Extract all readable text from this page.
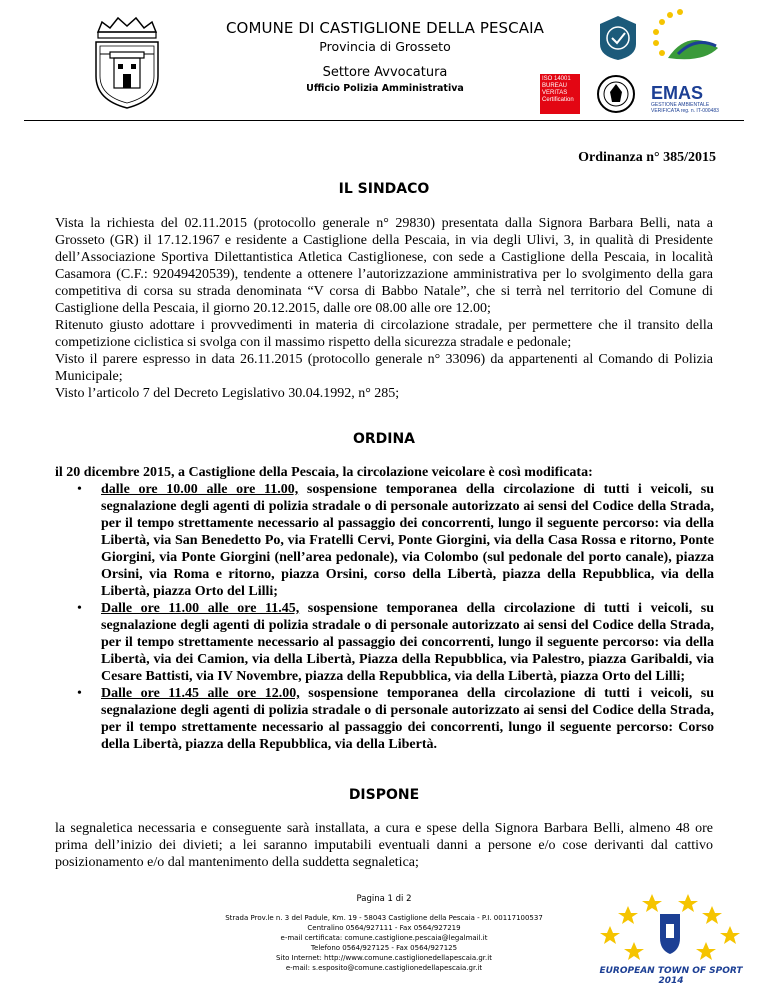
COMUNE DI CASTIGLIONE DELLA PESCAIA
Provincia di Grosseto
Settore Avvocatura
Ufficio Polizia Amministrativa
ISO 14001 BUREAU VERITAS Certification	EMAS
GESTIONE AMBIENTALE VERIFICATA reg. n. IT-000483
Ordinanza n° 385/2015
IL SINDACO

Vista la richiesta del 02.11.2015 (protocollo generale n° 29830) presentata dalla Signora Barbara Belli, nata a Grosseto (GR) il 17.12.1967 e residente a Castiglione della Pescaia, in via degli Ulivi, 3, in qualità di Presidente dell’Associazione Sportiva Dilettantistica Atletica Castiglionese, con sede a Castiglione della Pescaia, in località Casamora (C.F.: 92049420539), tendente a ottenere l’autorizzazione amministrativa per lo svolgimento della gara competitiva di corsa su strada denominata “V corsa di Babbo Natale”, che si terrà nel territorio del Comune di Castiglione della Pescaia, il giorno 20.12.2015, dalle ore 08.00 alle ore 12.00;

Ritenuto giusto adottare i provvedimenti in materia di circolazione stradale, per permettere che il transito della competizione ciclistica si svolga con il massimo rispetto della sicurezza stradale e pedonale;

Visto il parere espresso in data 26.11.2015 (protocollo generale n° 33096) da appartenenti al Comando di Polizia Municipale;

Visto l’articolo 7 del Decreto Legislativo 30.04.1992, n° 285;

ORDINA

il 20 dicembre 2015, a Castiglione della Pescaia, la circolazione veicolare è così modificata:

• dalle ore 10.00 alle ore 11.00, sospensione temporanea della circolazione di tutti i veicoli, su segnalazione degli agenti di polizia stradale o di personale autorizzato ai sensi del Codice della Strada, per il tempo strettamente necessario al passaggio dei concorrenti, lungo il seguente percorso: via della Libertà, via San Benedetto Po, via Fratelli Cervi, Ponte Giorgini, via della Casa Rossa e ritorno, Ponte Giorgini, via Ponte Giorgini (nell’area pedonale), via Colombo (sul pedonale del porto canale), piazza Orsini, via Roma e ritorno, piazza Orsini, corso della Libertà, piazza della Repubblica, via della Libertà, piazza Orto del Lilli;
• Dalle ore 11.00 alle ore 11.45, sospensione temporanea della circolazione di tutti i veicoli, su segnalazione degli agenti di polizia stradale o di personale autorizzato ai sensi del Codice della Strada, per il tempo strettamente necessario al passaggio dei concorrenti, lungo il seguente percorso: via della Libertà, via dei Camion, via della Libertà, Piazza della Repubblica, via Palestro, piazza Garibaldi, via Cesare Battisti, via IV Novembre, piazza della Repubblica, via della Libertà, piazza Orto del Lilli;
• Dalle ore 11.45 alle ore 12.00, sospensione temporanea della circolazione di tutti i veicoli, su segnalazione degli agenti di polizia stradale o di personale autorizzato ai sensi del Codice della Strada, per il tempo strettamente necessario al passaggio dei concorrenti, lungo il seguente percorso: Corso della Libertà, piazza della Repubblica, via della Libertà.
DISPONE
la segnaletica necessaria e conseguente sarà installata, a cura e spese della Signora Barbara Belli, almeno 48 ore prima dell’inizio dei divieti; a lei saranno imputabili eventuali danni a persone e/o cose derivanti dal cattivo posizionamento e/o dal mantenimento della suddetta segnaletica;
Pagina 1 di 2
Strada Prov.le n. 3 del Padule, Km. 19 - 58043 Castiglione della Pescaia - P.I. 00117100537
Centralino 0564/927111 - Fax 0564/927219
e-mail certificata: comune.castiglione.pescaia@legalmail.it
Telefono 0564/927125 - Fax 0564/927125
Sito Internet: http://www.comune.castiglionedellapescaia.gr.it
e-mail: s.esposito@comune.castiglionedellapescaia.gr.it	EUROPEAN TOWN OF SPORT 2014
